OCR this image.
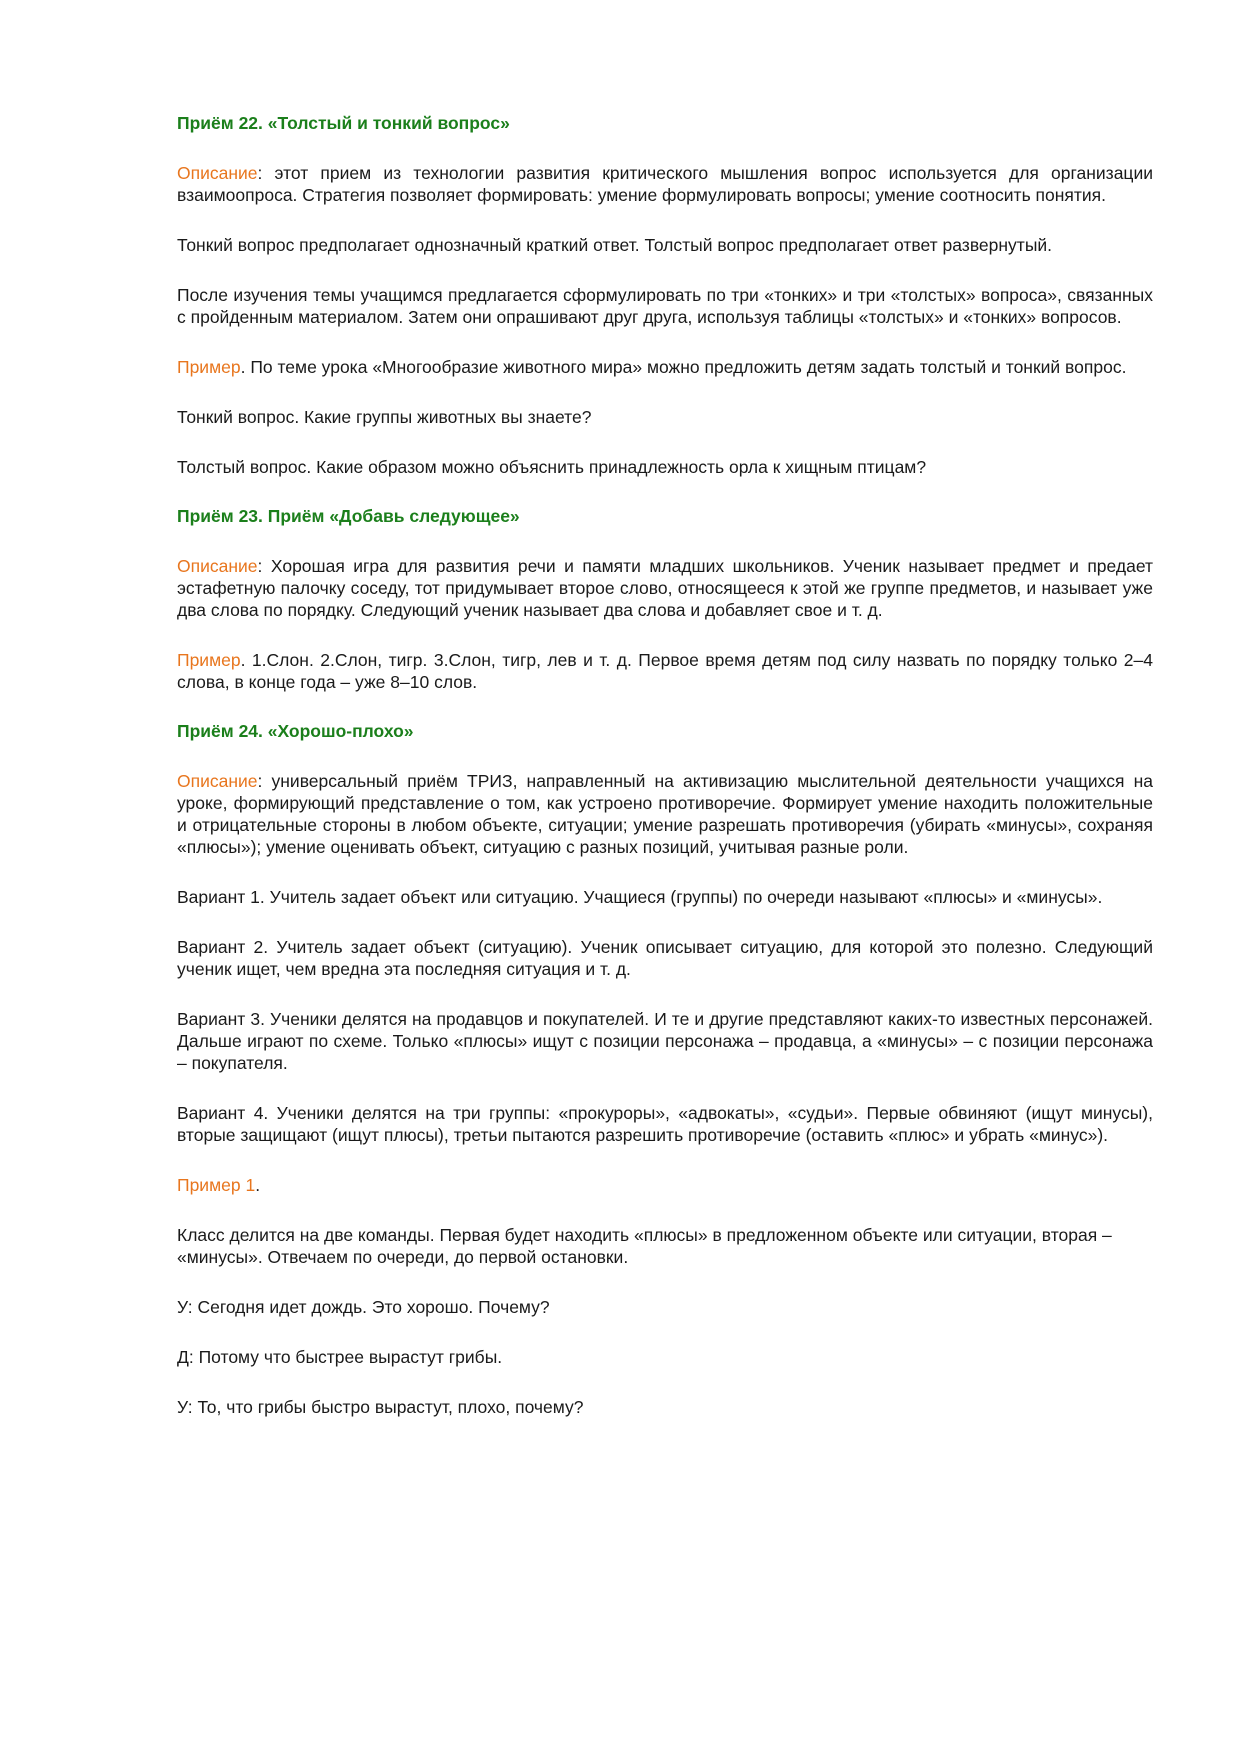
Приём 22. «Толстый и тонкий вопрос»

Описание: этот прием из технологии развития критического мышления вопрос используется для организации взаимоопроса. Стратегия позволяет формировать: умение формулировать вопросы; умение соотносить понятия.

Тонкий вопрос предполагает однозначный краткий ответ. Толстый вопрос предполагает ответ развернутый.

После изучения темы учащимся предлагается сформулировать по три «тонких» и три «толстых» вопроса», связанных с пройденным материалом. Затем они опрашивают друг друга, используя таблицы «толстых» и «тонких» вопросов.

Пример. По теме урока «Многообразие животного мира» можно предложить детям задать толстый и тонкий вопрос.

Тонкий вопрос. Какие группы животных вы знаете?

Толстый вопрос. Какие образом можно объяснить принадлежность орла к хищным птицам?

Приём 23. Приём «Добавь следующее»

Описание: Хорошая игра для развития речи и памяти младших школьников. Ученик называет предмет и предает эстафетную палочку соседу, тот придумывает второе слово, относящееся к этой же группе предметов, и называет уже два слова по порядку. Следующий ученик называет два слова и добавляет свое и т. д.

Пример. 1.Слон. 2.Слон, тигр. 3.Слон, тигр, лев и т. д. Первое время детям под силу назвать по порядку только 2–4 слова, в конце года – уже 8–10 слов.

Приём 24. «Хорошо-плохо»

Описание: универсальный приём ТРИЗ, направленный на активизацию мыслительной деятельности учащихся на уроке, формирующий представление о том, как устроено противоречие. Формирует умение находить положительные и отрицательные стороны в любом объекте, ситуации; умение разрешать противоречия (убирать «минусы», сохраняя «плюсы»); умение оценивать объект, ситуацию с разных позиций, учитывая разные роли.

Вариант 1. Учитель задает объект или ситуацию. Учащиеся (группы) по очереди называют «плюсы» и «минусы».

Вариант 2. Учитель задает объект (ситуацию). Ученик описывает ситуацию, для которой это полезно. Следующий ученик ищет, чем вредна эта последняя ситуация и т. д.

Вариант 3. Ученики делятся на продавцов и покупателей. И те и другие представляют каких-то известных персонажей. Дальше играют по схеме. Только «плюсы» ищут с позиции персонажа – продавца, а «минусы» – с позиции персонажа – покупателя.

Вариант 4. Ученики делятся на три группы: «прокуроры», «адвокаты», «судьи». Первые обвиняют (ищут минусы), вторые защищают (ищут плюсы), третьи пытаются разрешить противоречие (оставить «плюс» и убрать «минус»).

Пример 1.

Класс делится на две команды. Первая будет находить «плюсы» в предложенном объекте или ситуации, вторая – «минусы». Отвечаем по очереди, до первой остановки.

У: Сегодня идет дождь. Это хорошо. Почему?

Д: Потому что быстрее вырастут грибы.

У: То, что грибы быстро вырастут, плохо, почему?
